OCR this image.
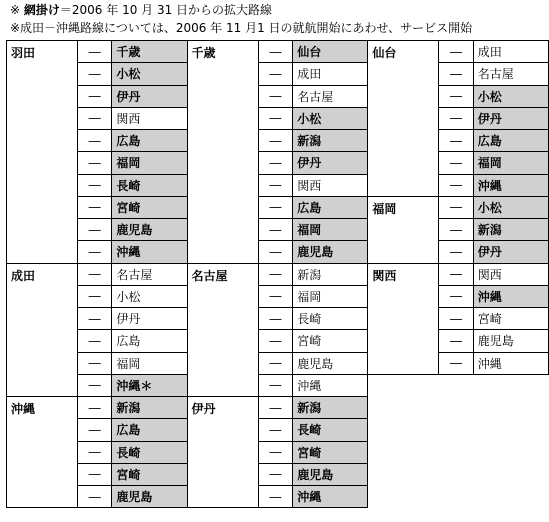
※ 網掛け＝2006 年 10 月 31 日からの拡大路線
※成田－沖縄路線については、2006 年 11 月1 日の就航開始にあわせ、サービス開始
羽田	―	千歳	千歳	―	仙台	仙台	―	成田
	―	小松		―	成田		―	名古屋
	―	伊丹		―	名古屋		―	小松
	―	関西		―	小松		―	伊丹
	―	広島		―	新潟		―	広島
	―	福岡		―	伊丹		―	福岡
	―	長崎		―	関西		―	沖縄
	―	宮崎		―	広島	福岡	―	小松
	―	鹿児島		―	福岡		―	新潟
	―	沖縄		―	鹿児島		―	伊丹
成田	―	名古屋	名古屋	―	新潟	関西	―	関西
	―	小松		―	福岡		―	沖縄
	―	伊丹		―	長崎		―	宮崎
	―	広島		―	宮崎		―	鹿児島
	―	福岡		―	鹿児島		―	沖縄
	―	沖縄＊		―	沖縄			
沖縄	―	新潟	伊丹	―	新潟			
	―	広島		―	長崎			
	―	長崎		―	宮崎			
	―	宮崎		―	鹿児島			
	―	鹿児島		―	沖縄			
